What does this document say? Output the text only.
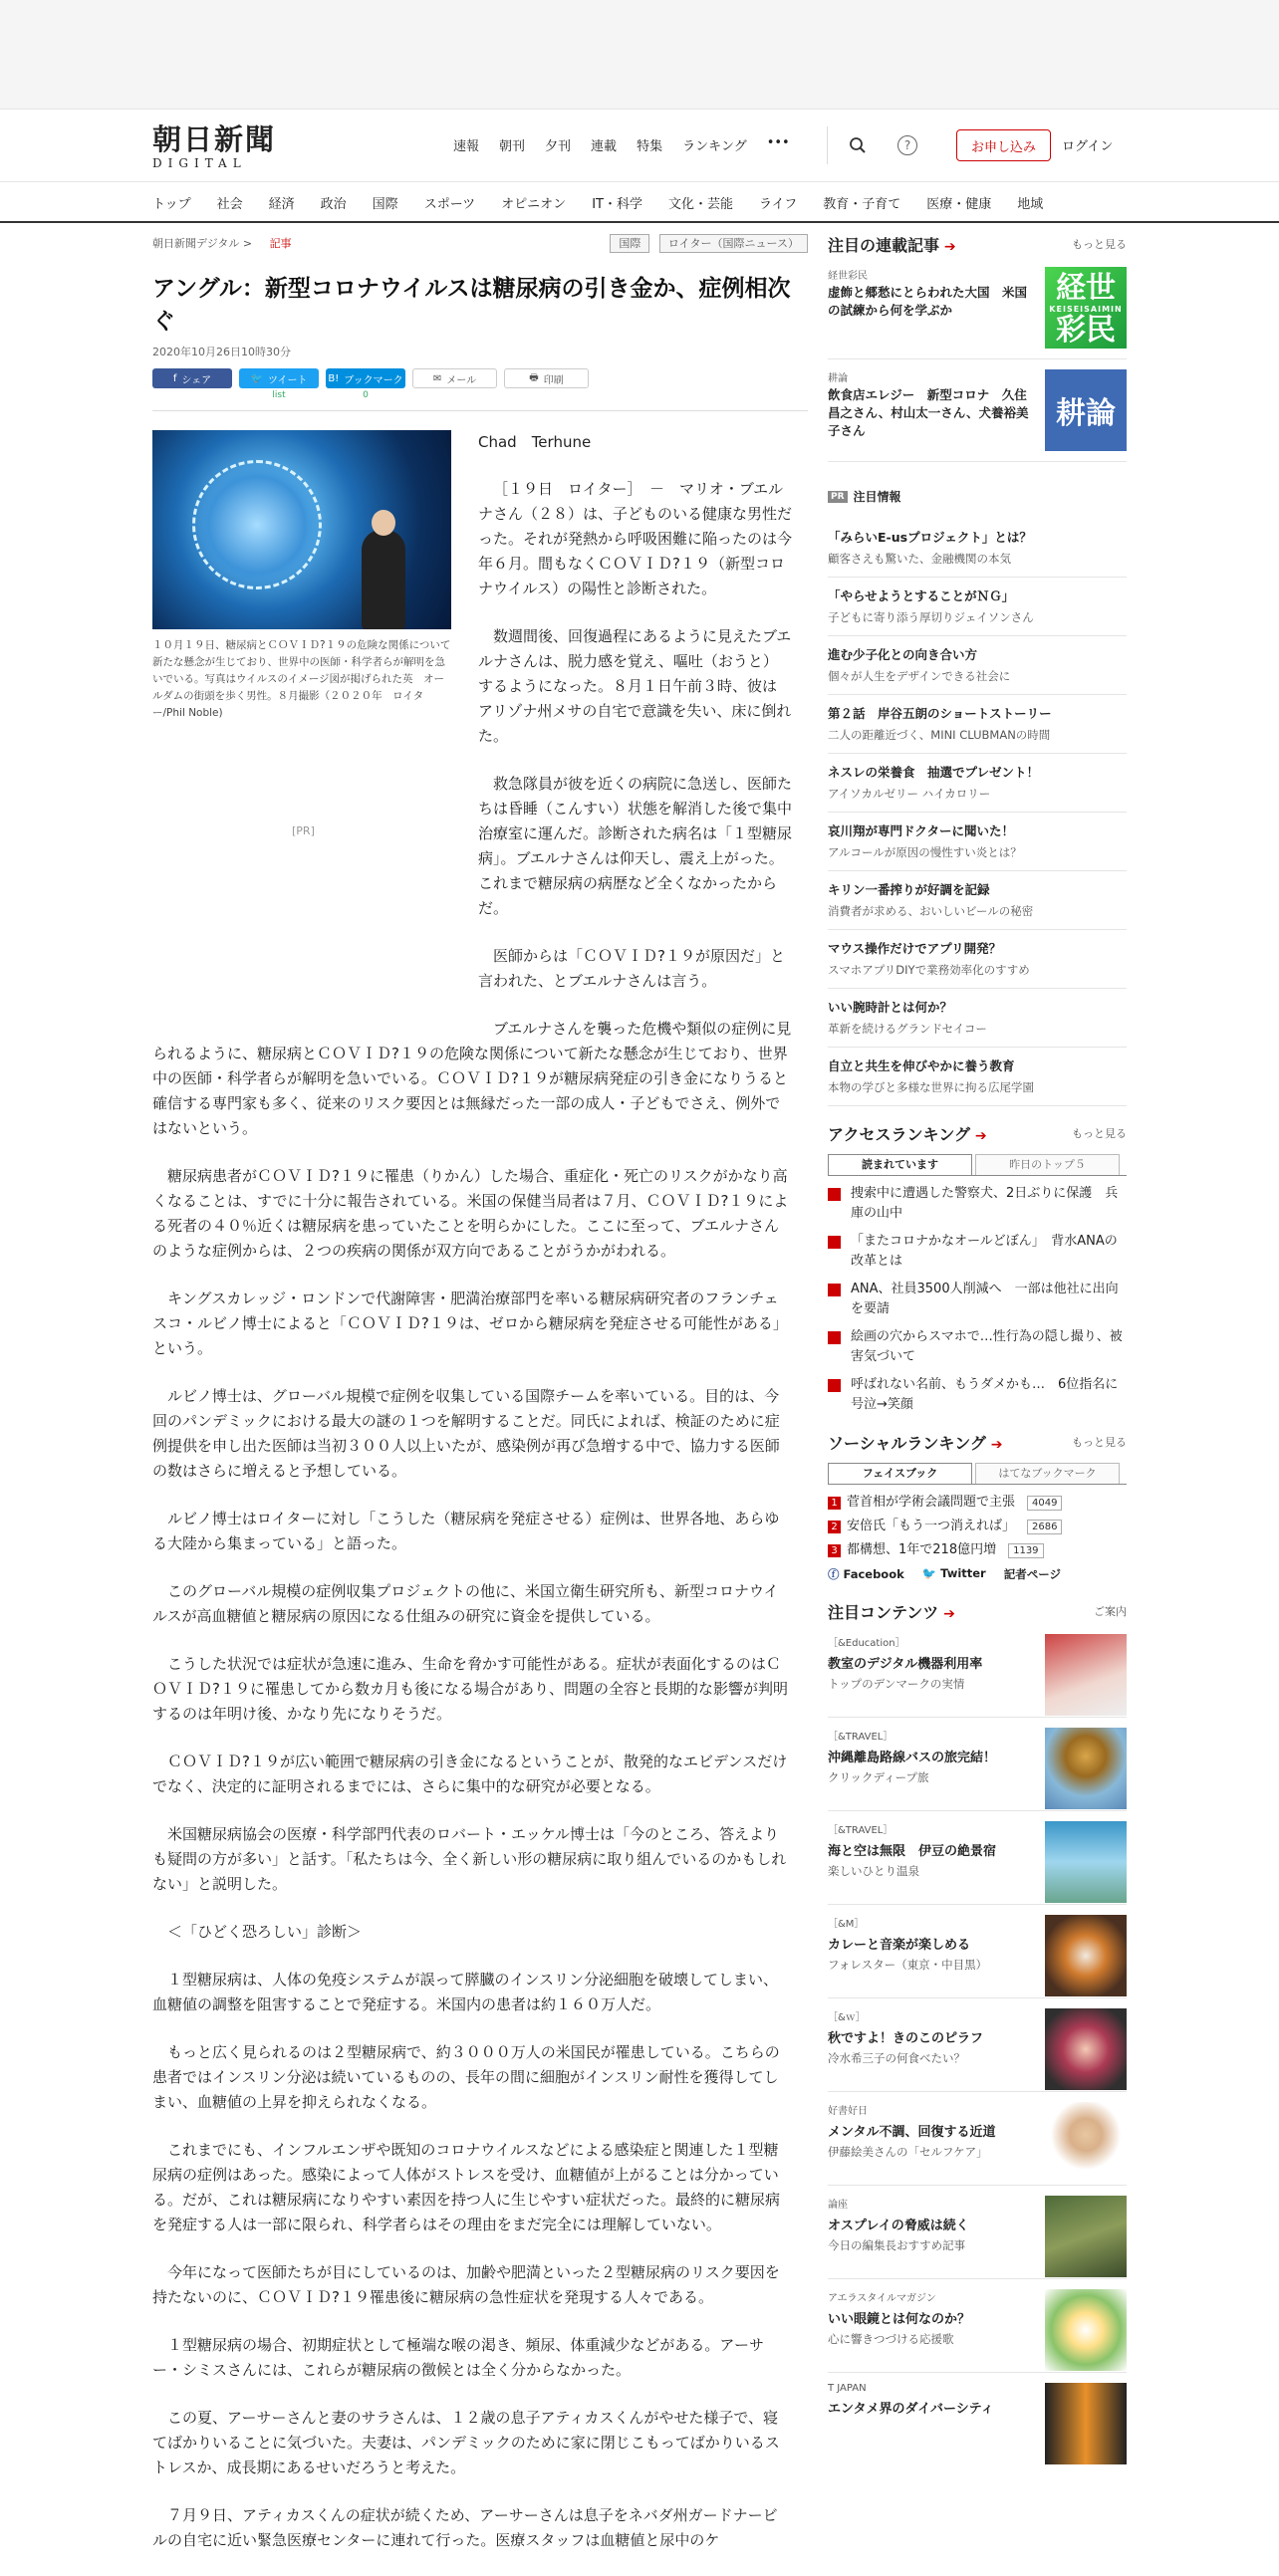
朝日新聞
DIGITAL
速報 朝刊 夕刊 連載 特集 ランキング •••	?	お申し込み	ログイン
トップ 社会 経済 政治 国際 スポーツ オピニオン IT・科学 文化・芸能 ライフ 教育・子育て 医療・健康 地域
朝日新聞デジタル > 記事	国際	ロイター（国際ニュース）
アングル：新型コロナウイルスは糖尿病の引き金か、症例相次ぐ
2020年10月26日10時30分
f シェア	🐦 ツイート
list
B! ブックマーク
0
✉ メール	🖶 印刷

Chad　Terhune

［１９日　ロイター］　－　マリオ・ブエルナさん（２８）は、子どものいる健康な男性だった。それが発熱から呼吸困難に陥ったのは今年６月。間もなくＣＯＶＩＤ?１９（新型コロナウイルス）の陽性と診断された。

数週間後、回復過程にあるように見えたブエルナさんは、脱力感を覚え、嘔吐（おうと）するようになった。８月１日午前３時、彼はアリゾナ州メサの自宅で意識を失い、床に倒れた。

救急隊員が彼を近くの病院に急送し、医師たちは昏睡（こんすい）状態を解消した後で集中治療室に運んだ。診断された病名は「１型糖尿病」。ブエルナさんは仰天し、震え上がった。これまで糖尿病の病歴など全くなかったからだ。

医師からは「ＣＯＶＩＤ?１９が原因だ」と言われた、とブエルナさんは言う。

ブエルナさんを襲った危機や類似の症例に見られるように、糖尿病とＣＯＶＩＤ?１９の危険な関係について新たな懸念が生じており、世界中の医師・科学者らが解明を急いでいる。ＣＯＶＩＤ?１９が糖尿病発症の引き金になりうると確信する専門家も多く、従来のリスク要因とは無縁だった一部の成人・子どもでさえ、例外ではないという。

糖尿病患者がＣＯＶＩＤ?１９に罹患（りかん）した場合、重症化・死亡のリスクがかなり高くなることは、すでに十分に報告されている。米国の保健当局者は７月、ＣＯＶＩＤ?１９による死者の４０％近くは糖尿病を患っていたことを明らかにした。ここに至って、ブエルナさんのような症例からは、２つの疾病の関係が双方向であることがうかがわれる。

キングスカレッジ・ロンドンで代謝障害・肥満治療部門を率いる糖尿病研究者のフランチェスコ・ルビノ博士によると「ＣＯＶＩＤ?１９は、ゼロから糖尿病を発症させる可能性がある」という。

ルビノ博士は、グローバル規模で症例を収集している国際チームを率いている。目的は、今回のパンデミックにおける最大の謎の１つを解明することだ。同氏によれば、検証のために症例提供を申し出た医師は当初３００人以上いたが、感染例が再び急増する中で、協力する医師の数はさらに増えると予想している。

ルビノ博士はロイターに対し「こうした（糖尿病を発症させる）症例は、世界各地、あらゆる大陸から集まっている」と語った。

このグローバル規模の症例収集プロジェクトの他に、米国立衛生研究所も、新型コロナウイルスが高血糖値と糖尿病の原因になる仕組みの研究に資金を提供している。

こうした状況では症状が急速に進み、生命を脅かす可能性がある。症状が表面化するのはＣＯＶＩＤ?１９に罹患してから数カ月も後になる場合があり、問題の全容と長期的な影響が判明するのは年明け後、かなり先になりそうだ。

ＣＯＶＩＤ?１９が広い範囲で糖尿病の引き金になるということが、散発的なエビデンスだけでなく、決定的に証明されるまでには、さらに集中的な研究が必要となる。

米国糖尿病協会の医療・科学部門代表のロバート・エッケル博士は「今のところ、答えよりも疑問の方が多い」と話す。「私たちは今、全く新しい形の糖尿病に取り組んでいるのかもしれない」と説明した。

＜「ひどく恐ろしい」診断＞

１型糖尿病は、人体の免疫システムが誤って膵臓のインスリン分泌細胞を破壊してしまい、血糖値の調整を阻害することで発症する。米国内の患者は約１６０万人だ。

もっと広く見られるのは２型糖尿病で、約３０００万人の米国民が罹患している。こちらの患者ではインスリン分泌は続いているものの、長年の間に細胞がインスリン耐性を獲得してしまい、血糖値の上昇を抑えられなくなる。

これまでにも、インフルエンザや既知のコロナウイルスなどによる感染症と関連した１型糖尿病の症例はあった。感染によって人体がストレスを受け、血糖値が上がることは分かっている。だが、これは糖尿病になりやすい素因を持つ人に生じやすい症状だった。最終的に糖尿病を発症する人は一部に限られ、科学者らはその理由をまだ完全には理解していない。

今年になって医師たちが目にしているのは、加齢や肥満といった２型糖尿病のリスク要因を持たないのに、ＣＯＶＩＤ?１９罹患後に糖尿病の急性症状を発現する人々である。

１型糖尿病の場合、初期症状として極端な喉の渇き、頻尿、体重減少などがある。アーサー・シミスさんには、これらが糖尿病の徴候とは全く分からなかった。

この夏、アーサーさんと妻のサラさんは、１２歳の息子アティカスくんがやせた様子で、寝てばかりいることに気づいた。夫妻は、パンデミックのために家に閉じこもってばかりいるストレスか、成長期にあるせいだろうと考えた。

７月９日、アティカスくんの症状が続くため、アーサーさんは息子をネバダ州ガードナービルの自宅に近い緊急医療センターに連れて行った。医療スタッフは血糖値と尿中のケ

１０月１９日、糖尿病とＣＯＶＩＤ?１９の危険な関係について新たな懸念が生じており、世界中の医師・科学者らが解明を急いでいる。写真はウイルスのイメージ図が掲げられた英　オールダムの街頭を歩く男性。８月撮影（２０２０年　ロイター/Phil Noble)
[PR]
注目の連載記事 ➔	もっと見る
経世彩民
虚飾と郷愁にとらわれた大国　米国の試練から何を学ぶか
経世
KEISEISAIMIN
彩民
耕論
飲食店エレジー　新型コロナ　久住昌之さん、村山太一さん、犬養裕美子さん	耕論
PR 注目情報
「みらいE-usプロジェクト」とは？
顧客さえも驚いた、金融機関の本気
「やらせようとすることがＮＧ」
子どもに寄り添う厚切りジェイソンさん
進む少子化との向き合い方
個々が人生をデザインできる社会に
第２話　岸谷五朗のショートストーリー
二人の距離近づく、MINI CLUBMANの時間
ネスレの栄養食　抽選でプレゼント！
アイソカルゼリー ハイカロリー
哀川翔が専門ドクターに聞いた！
アルコールが原因の慢性すい炎とは？
キリン一番搾りが好調を記録
消費者が求める、おいしいビールの秘密
マウス操作だけでアプリ開発？
スマホアプリDIYで業務効率化のすすめ
いい腕時計とは何か？
革新を続けるグランドセイコー
自立と共生を伸びやかに養う教育
本物の学びと多様な世界に拘る広尾学園
アクセスランキング ➔	もっと見る
読まれています	昨日のトップ５
捜索中に遭遇した警察犬、2日ぶりに保護　兵庫の山中
「またコロナかなオールどぼん」　背水ANAの改革とは
ANA、社員3500人削減へ　一部は他社に出向を要請
絵画の穴からスマホで…性行為の隠し撮り、被害気づいて
呼ばれない名前、もうダメかも…　6位指名に号泣→笑顔
ソーシャルランキング ➔	もっと見る
フェイスブック	はてなブックマーク
1 菅首相が学術会議問題で主張	4049
2 安倍氏「もう一つ消えれば」	2686
3 都構想、1年で218億円増	1139
ⓕ Facebook 🐦 Twitter 記者ページ
注目コンテンツ ➔	ご案内
［&Education］
教室のデジタル機器利用率
トップのデンマークの実情
［&TRAVEL］
沖縄離島路線バスの旅完結！
クリックディープ旅
［&TRAVEL］
海と空は無限　伊豆の絶景宿
楽しいひとり温泉
［&M］
カレーと音楽が楽しめる
フォレスター（東京・中目黒）
［&ｗ］
秋ですよ！きのこのピラフ
冷水希三子の何食べたい？
好書好日
メンタル不調、回復する近道
伊藤絵美さんの「セルフケア」
論座
オスプレイの脅威は続く
今日の編集長おすすめ記事
アエラスタイルマガジン
いい眼鏡とは何なのか？
心に響きつづける応援歌
T JAPAN
エンタメ界のダイバーシティ
